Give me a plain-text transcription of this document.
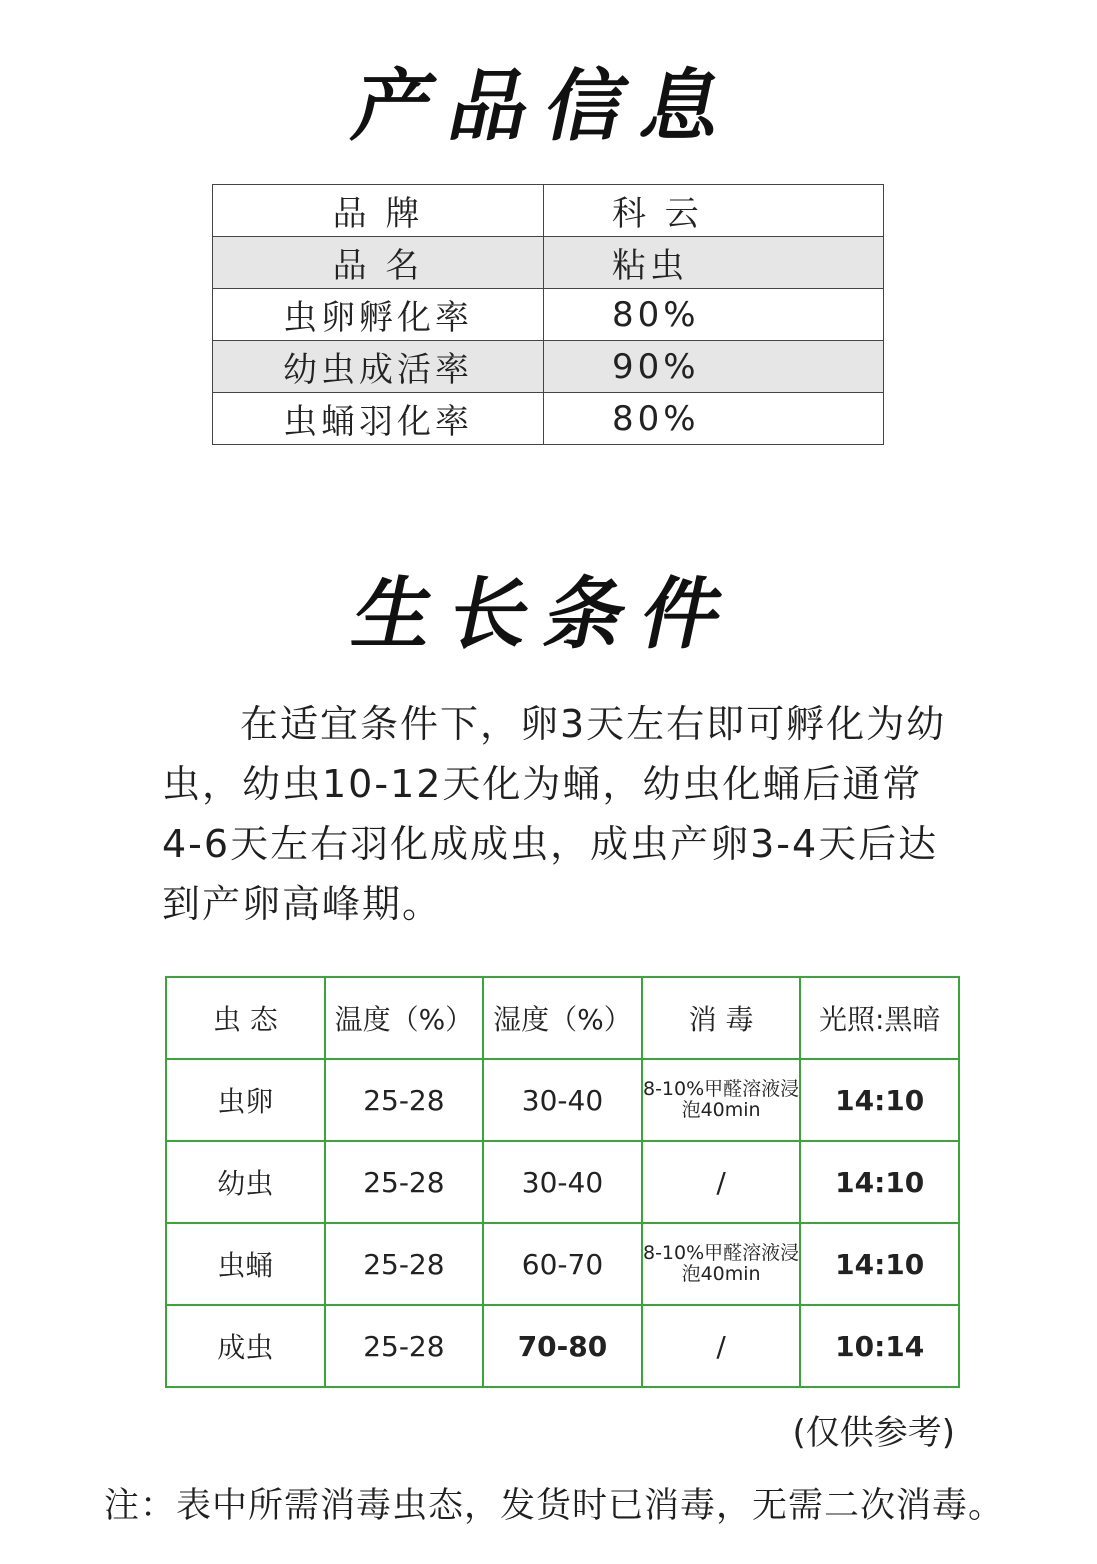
产品信息
品 牌	科 云
品 名	粘虫
虫卵孵化率	80%
幼虫成活率	90%
虫蛹羽化率	80%
生长条件

在适宜条件下，卵3天左右即可孵化为幼虫，幼虫10-12天化为蛹，幼虫化蛹后通常4-6天左右羽化成成虫，成虫产卵3-4天后达到产卵高峰期。

虫 态	温度（%）	湿度（%）	消 毒	光照:黑暗
虫卵	25-28	30-40	8-10%甲醛溶液浸泡40min	14:10
幼虫	25-28	30-40	/	14:10
虫蛹	25-28	60-70	8-10%甲醛溶液浸泡40min	14:10
成虫	25-28	70-80	/	10:14
(仅供参考)
注：表中所需消毒虫态，发货时已消毒，无需二次消毒。
